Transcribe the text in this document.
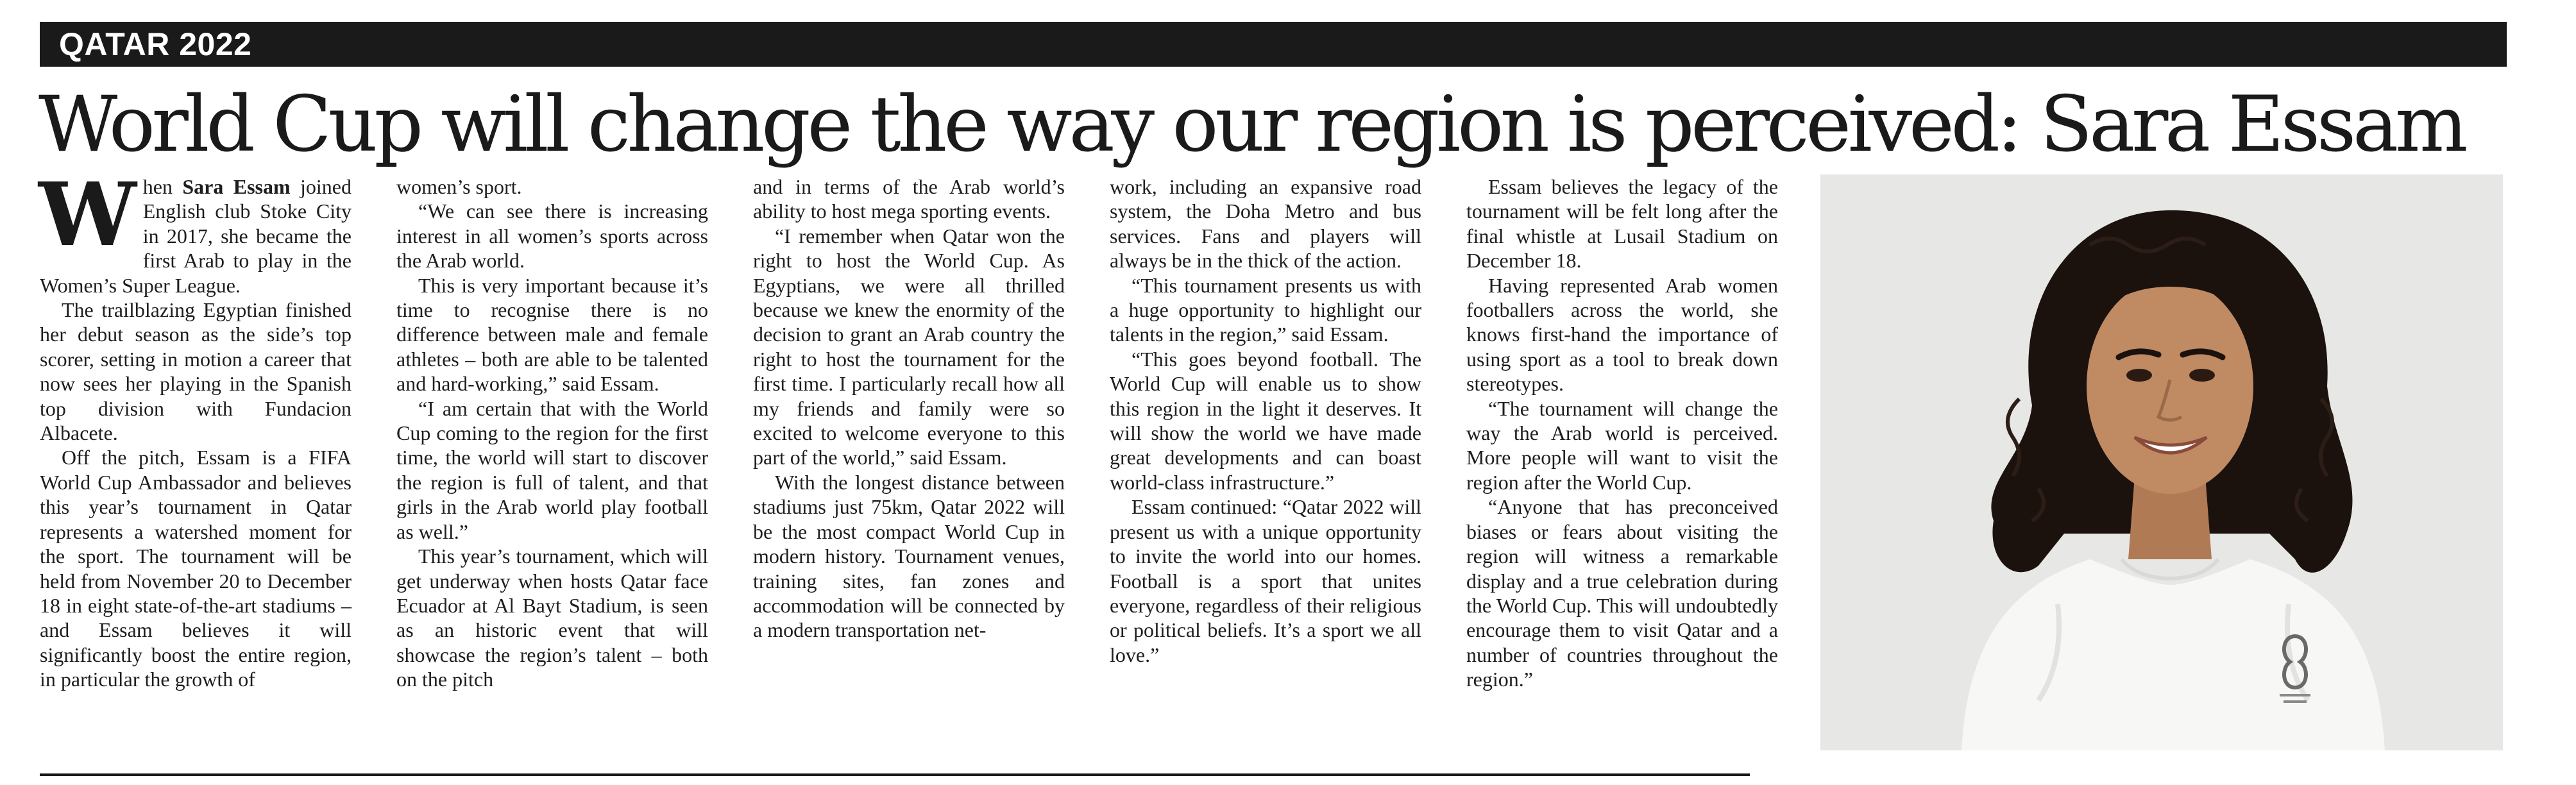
QATAR 2022
World Cup will change the way our region is perceived: Sara Essam

When Sara Essam joined English club Stoke City in 2017, she became the first Arab to play in the Women’s Super League.

The trailblazing Egyptian finished her debut season as the side’s top scorer, setting in motion a career that now sees her playing in the Spanish top division with Fundacion Albacete.

Off the pitch, Essam is a FIFA World Cup Ambassador and believes this year’s tournament in Qatar represents a watershed moment for the sport. The tournament will be held from November 20 to December 18 in eight state-of-the-art stadiums – and Essam believes it will significantly boost the entire region, in particular the growth of

women’s sport.

“We can see there is increasing interest in all women’s sports across the Arab world.

This is very important because it’s time to recognise there is no difference between male and female athletes – both are able to be talented and hard-working,” said Essam.

“I am certain that with the World Cup coming to the region for the first time, the world will start to discover the region is full of talent, and that girls in the Arab world play football as well.”

This year’s tournament, which will get underway when hosts Qatar face Ecuador at Al Bayt Stadium, is seen as an historic event that will showcase the region’s talent – both on the pitch

and in terms of the Arab world’s ability to host mega sporting events.

“I remember when Qatar won the right to host the World Cup. As Egyptians, we were all thrilled because we knew the enormity of the decision to grant an Arab country the right to host the tournament for the first time. I particularly recall how all my friends and family were so excited to welcome everyone to this part of the world,” said Essam.

With the longest distance between stadiums just 75km, Qatar 2022 will be the most compact World Cup in modern history. Tournament venues, training sites, fan zones and accommodation will be connected by a modern transportation net-

work, including an expansive road system, the Doha Metro and bus services. Fans and players will always be in the thick of the action.

“This tournament presents us with a huge opportunity to highlight our talents in the region,” said Essam.

“This goes beyond football. The World Cup will enable us to show this region in the light it deserves. It will show the world we have made great developments and can boast world-class infrastructure.”

Essam continued: “Qatar 2022 will present us with a unique opportunity to invite the world into our homes. Football is a sport that unites everyone, regardless of their religious or political beliefs. It’s a sport we all love.”

Essam believes the legacy of the tournament will be felt long after the final whistle at Lusail Stadium on December 18.

Having represented Arab women footballers across the world, she knows first-hand the importance of using sport as a tool to break down stereotypes.

“The tournament will change the way the Arab world is perceived. More people will want to visit the region after the World Cup.

“Anyone that has preconceived biases or fears about visiting the region will witness a remarkable display and a true celebration during the World Cup. This will undoubtedly encourage them to visit Qatar and a number of countries throughout the region.”
